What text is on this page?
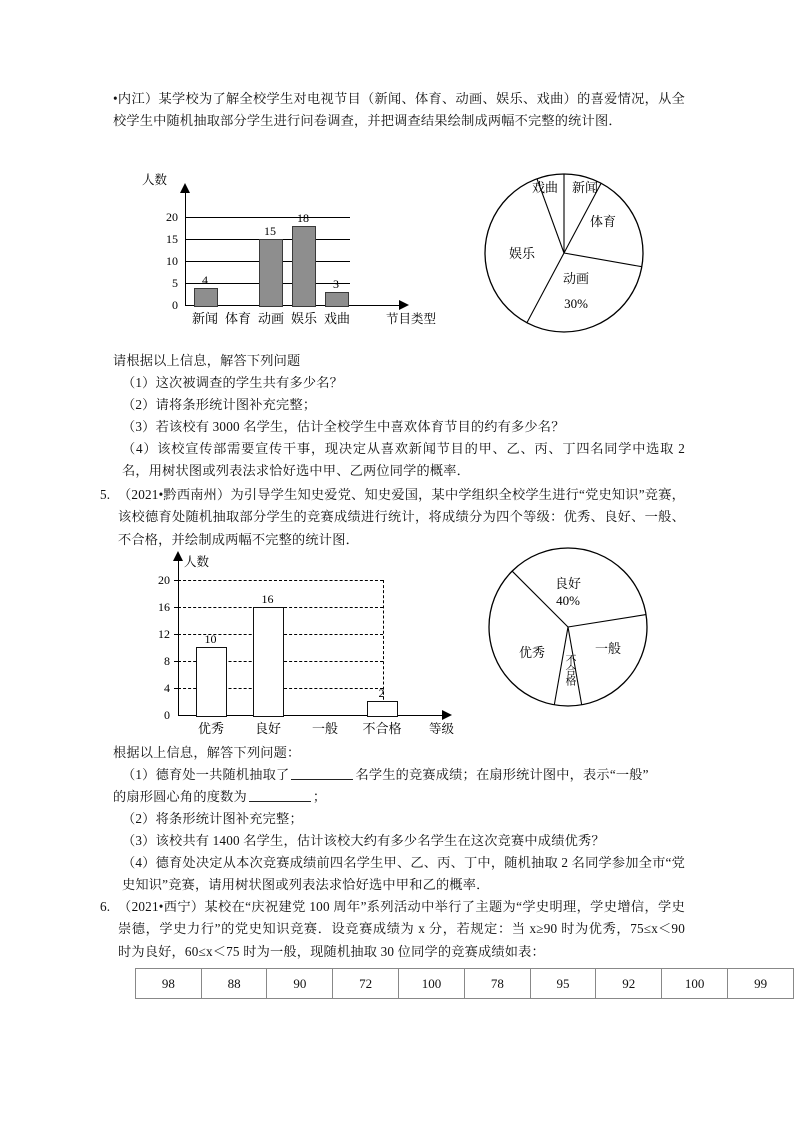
•内江）某学校为了解全校学生对电视节目（新闻、体育、动画、娱乐、戏曲）的喜爱情况，从全校学生中随机抽取部分学生进行问卷调查，并把调查结果绘制成两幅不完整的统计图．
人数
0
5
10
15
20
4
15
18
3
新闻 体育 动画 娱乐 戏曲	节目类型
新闻
体育
动画
30%
娱乐
戏曲
请根据以上信息，解答下列问题
（1）这次被调查的学生共有多少名？
（2）请将条形统计图补充完整；
（3）若该校有 3000 名学生，估计全校学生中喜欢体育节目的约有多少名？
（4）该校宣传部需要宣传干事，现决定从喜欢新闻节目的甲、乙、丙、丁四名同学中选取 2 名，用树状图或列表法求恰好选中甲、乙两位同学的概率．
5. （2021•黔西南州）为引导学生知史爱党、知史爱国，某中学组织全校学生进行“党史知识”竞赛，该校德育处随机抽取部分学生的竞赛成绩进行统计，将成绩分为四个等级：优秀、良好、一般、不合格，并绘制成两幅不完整的统计图．
人数
0
4
8
12
16
20
10
16
2
优秀	良好	一般	不合格	等级
良好
40%
一般
不合格
优秀
根据以上信息，解答下列问题：
（1）德育处一共随机抽取了	名学生的竞赛成绩；在扇形统计图中，表示“一般”
的扇形圆心角的度数为	；
（2）将条形统计图补充完整；
（3）该校共有 1400 名学生，估计该校大约有多少名学生在这次竞赛中成绩优秀？
（4）德育处决定从本次竞赛成绩前四名学生甲、乙、丙、丁中，随机抽取 2 名同学参加全市“党史知识”竞赛，请用树状图或列表法求恰好选中甲和乙的概率．
6. （2021•西宁）某校在“庆祝建党 100 周年”系列活动中举行了主题为“学史明理，学史增信，学史崇德，学史力行”的党史知识竞赛．设竞赛成绩为 x 分，若规定：当 x≥90 时为优秀，75≤x＜90 时为良好，60≤x＜75 时为一般，现随机抽取 30 位同学的竞赛成绩如表：
98	88	90	72	100	78	95	92	100	99
